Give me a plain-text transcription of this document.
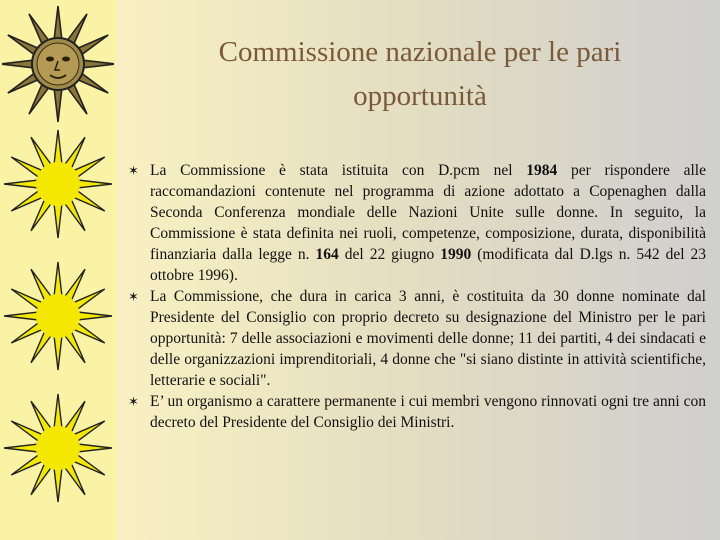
Commissione nazionale per le pari
opportunità
✶ La Commissione è stata istituita con D.pcm nel 1984 per rispondere alle raccomandazioni contenute nel programma di azione adottato a Copenaghen dalla Seconda Conferenza mondiale delle Nazioni Unite sulle donne. In seguito, la Commissione è stata definita nei ruoli, competenze, composizione, durata, disponibilità finanziaria dalla legge n. 164 del 22 giugno 1990 (modificata dal D.lgs n. 542 del 23 ottobre 1996).
✶ La Commissione, che dura in carica 3 anni, è costituita da 30 donne nominate dal Presidente del Consiglio con proprio decreto su designazione del Ministro per le pari opportunità: 7 delle associazioni e movimenti delle donne; 11 dei partiti, 4 dei sindacati e delle organizzazioni imprenditoriali, 4 donne che "si siano distinte in attività scientifiche, letterarie e sociali".
✶ E’ un organismo a carattere permanente i cui membri vengono rinnovati ogni tre anni con decreto del Presidente del Consiglio dei Ministri.
